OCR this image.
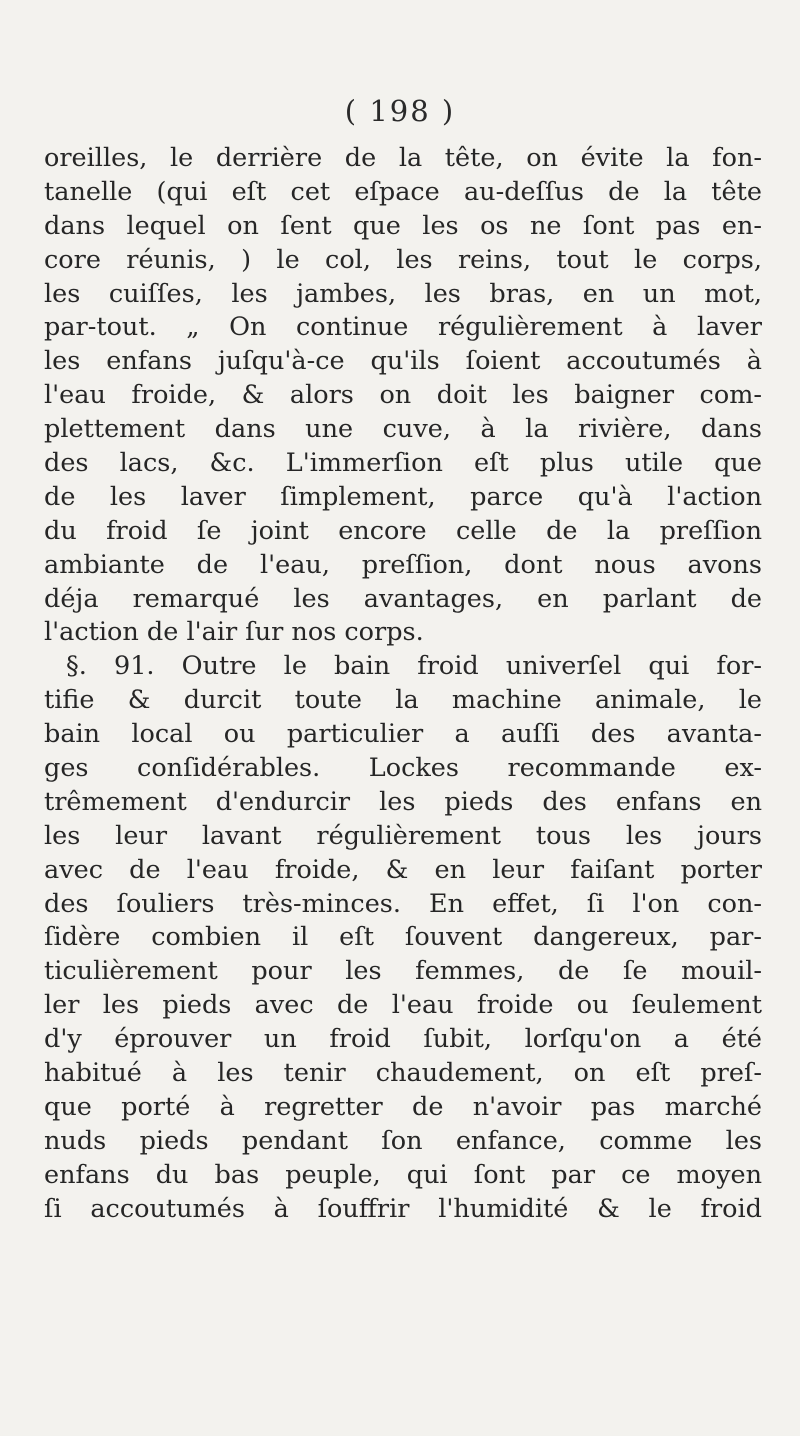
( 198 )
oreilles, le derrière de la tête, on évite la fon-
tanelle (qui eſt cet eſpace au-deſſus de la tête
dans lequel on ſent que les os ne ſont pas en-
core réunis, ) le col, les reins, tout le corps,
les cuiſſes, les jambes, les bras, en un mot,
par-tout. „ On continue régulièrement à laver
les enfans juſqu'à-ce qu'ils ſoient accoutumés à
l'eau froide, & alors on doit les baigner com-
plettement dans une cuve, à la rivière, dans
des lacs, &c. L'immerſion eſt plus utile que
de les laver ſimplement, parce qu'à l'action
du froid ſe joint encore celle de la preſſion
ambiante de l'eau, preſſion, dont nous avons
déja remarqué les avantages, en parlant de
l'action de l'air ſur nos corps.
§. 91. Outre le bain froid univerſel qui for-
tifie & durcit toute la machine animale, le
bain local ou particulier a auſſi des avanta-
ges conſidérables. Lockes recommande ex-
trêmement d'endurcir les pieds des enfans en
les leur lavant régulièrement tous les jours
avec de l'eau froide, & en leur faiſant porter
des ſouliers très-minces. En effet, ſi l'on con-
ſidère combien il eſt ſouvent dangereux, par-
ticulièrement pour les femmes, de ſe mouil-
ler les pieds avec de l'eau froide ou ſeulement
d'y éprouver un froid ſubit, lorſqu'on a été
habitué à les tenir chaudement, on eſt preſ-
que porté à regretter de n'avoir pas marché
nuds pieds pendant ſon enfance, comme les
enfans du bas peuple, qui ſont par ce moyen
ſi accoutumés à ſouffrir l'humidité & le froid
